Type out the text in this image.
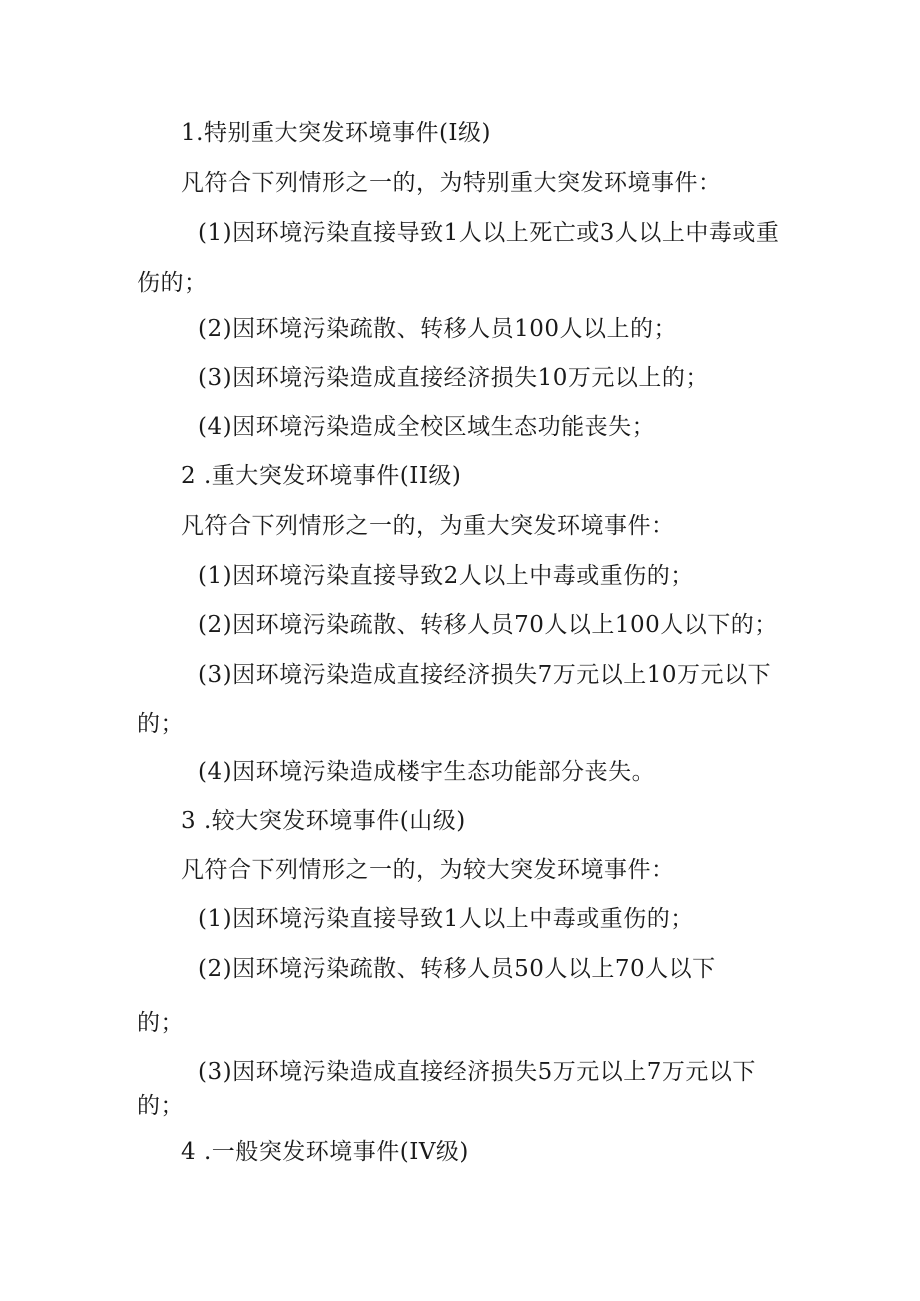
1.特别重大突发环境事件(I级)
凡符合下列情形之一的，为特别重大突发环境事件：
(1)因环境污染直接导致1人以上死亡或3人以上中毒或重
伤的；
(2)因环境污染疏散、转移人员100人以上的；
(3)因环境污染造成直接经济损失10万元以上的；
(4)因环境污染造成全校区域生态功能丧失；
2 .重大突发环境事件(II级)
凡符合下列情形之一的，为重大突发环境事件：
(1)因环境污染直接导致2人以上中毒或重伤的；
(2)因环境污染疏散、转移人员70人以上100人以下的；
(3)因环境污染造成直接经济损失7万元以上10万元以下
的；
(4)因环境污染造成楼宇生态功能部分丧失。
3 .较大突发环境事件(山级)
凡符合下列情形之一的，为较大突发环境事件：
(1)因环境污染直接导致1人以上中毒或重伤的；
(2)因环境污染疏散、转移人员50人以上70人以下
的；
(3)因环境污染造成直接经济损失5万元以上7万元以下
的；
4 .一般突发环境事件(IV级)
